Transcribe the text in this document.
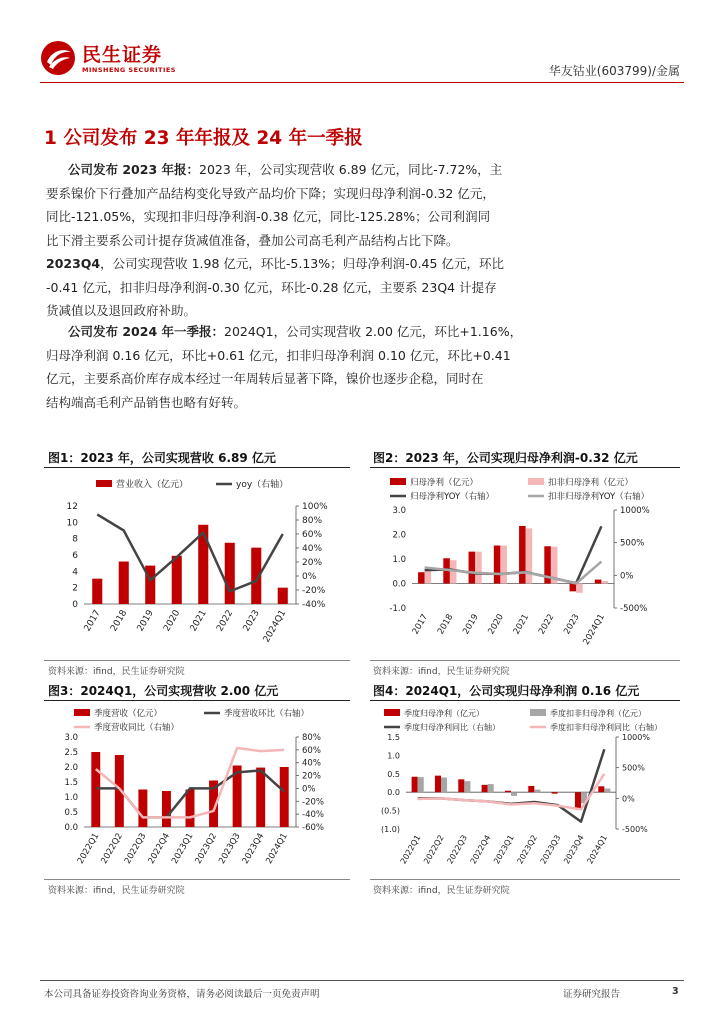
民生证券
MINSHENG SECURITIES	华友钴业(603799)/金属
1 公司发布 23 年年报及 24 年一季报
公司发布 2023 年报：2023 年，公司实现营收 6.89 亿元，同比-7.72%，主
要系镍价下行叠加产品结构变化导致产品均价下降；实现归母净利润-0.32 亿元，
同比-121.05%，实现扣非归母净利润-0.38 亿元，同比-125.28%；公司利润同
比下滑主要系公司计提存货减值准备，叠加公司高毛利产品结构占比下降。
2023Q4，公司实现营收 1.98 亿元，环比-5.13%；归母净利润-0.45 亿元，环比
-0.41 亿元，扣非归母净利润-0.30 亿元，环比-0.28 亿元，主要系 23Q4 计提存
货减值以及退回政府补助。
公司发布 2024 年一季报：2024Q1，公司实现营收 2.00 亿元，环比+1.16%，
归母净利润 0.16 亿元，环比+0.61 亿元，扣非归母净利润 0.10 亿元，环比+0.41
亿元，主要系高价库存成本经过一年周转后显著下降，镍价也逐步企稳，同时在
结构端高毛利产品销售也略有好转。
图1：2023 年，公司实现营收 6.89 亿元
营业收入（亿元）	yoy（右轴）
0
2
4
6
8
10
12
-40%
-20%
0%
20%
40%
60%
80%
100%
2017 2018 2019 2020 2021 2022 2023 2024Q1
资料来源：ifind，民生证券研究院
图2：2023 年，公司实现归母净利润-0.32 亿元
归母净利（亿元）	扣非归母净利（亿元）
归母净利YOY（右轴）	扣非归母净利YOY（右轴）
-1.0
0.0
1.0
2.0
3.0
-500%
0%
500%
1000%
2017 2018 2019 2020 2021 2022 2023 2024Q1
资料来源：ifind，民生证券研究院
图3：2024Q1，公司实现营收 2.00 亿元
季度营收（亿元）	季度营收环比（右轴）
季度营收同比（右轴）
0.0
0.5
1.0
1.5
2.0
2.5
3.0
-60%
-40%
-20%
0%
20%
40%
60%
80%
2022Q1
2022Q2
2022Q3
2022Q4
2023Q1
2023Q2
2023Q3
2023Q4
2024Q1
资料来源：ifind，民生证券研究院
图4：2024Q1，公司实现归母净利润 0.16 亿元
季度归母净利（亿元）	季度扣非归母净利（亿元）
季度归母净利同比（右轴）	季度扣非归母净利同比（右轴）
(1.0)
(0.5)
0.0
0.5
1.0
1.5
-500%
0%
500%
1000%
2022Q1 2022Q2 2022Q3 2022Q4 2023Q1 2023Q2 2023Q3 2023Q4 2024Q1
资料来源：ifind，民生证券研究院
本公司具备证券投资咨询业务资格，请务必阅读最后一页免责声明	证券研究报告	3
